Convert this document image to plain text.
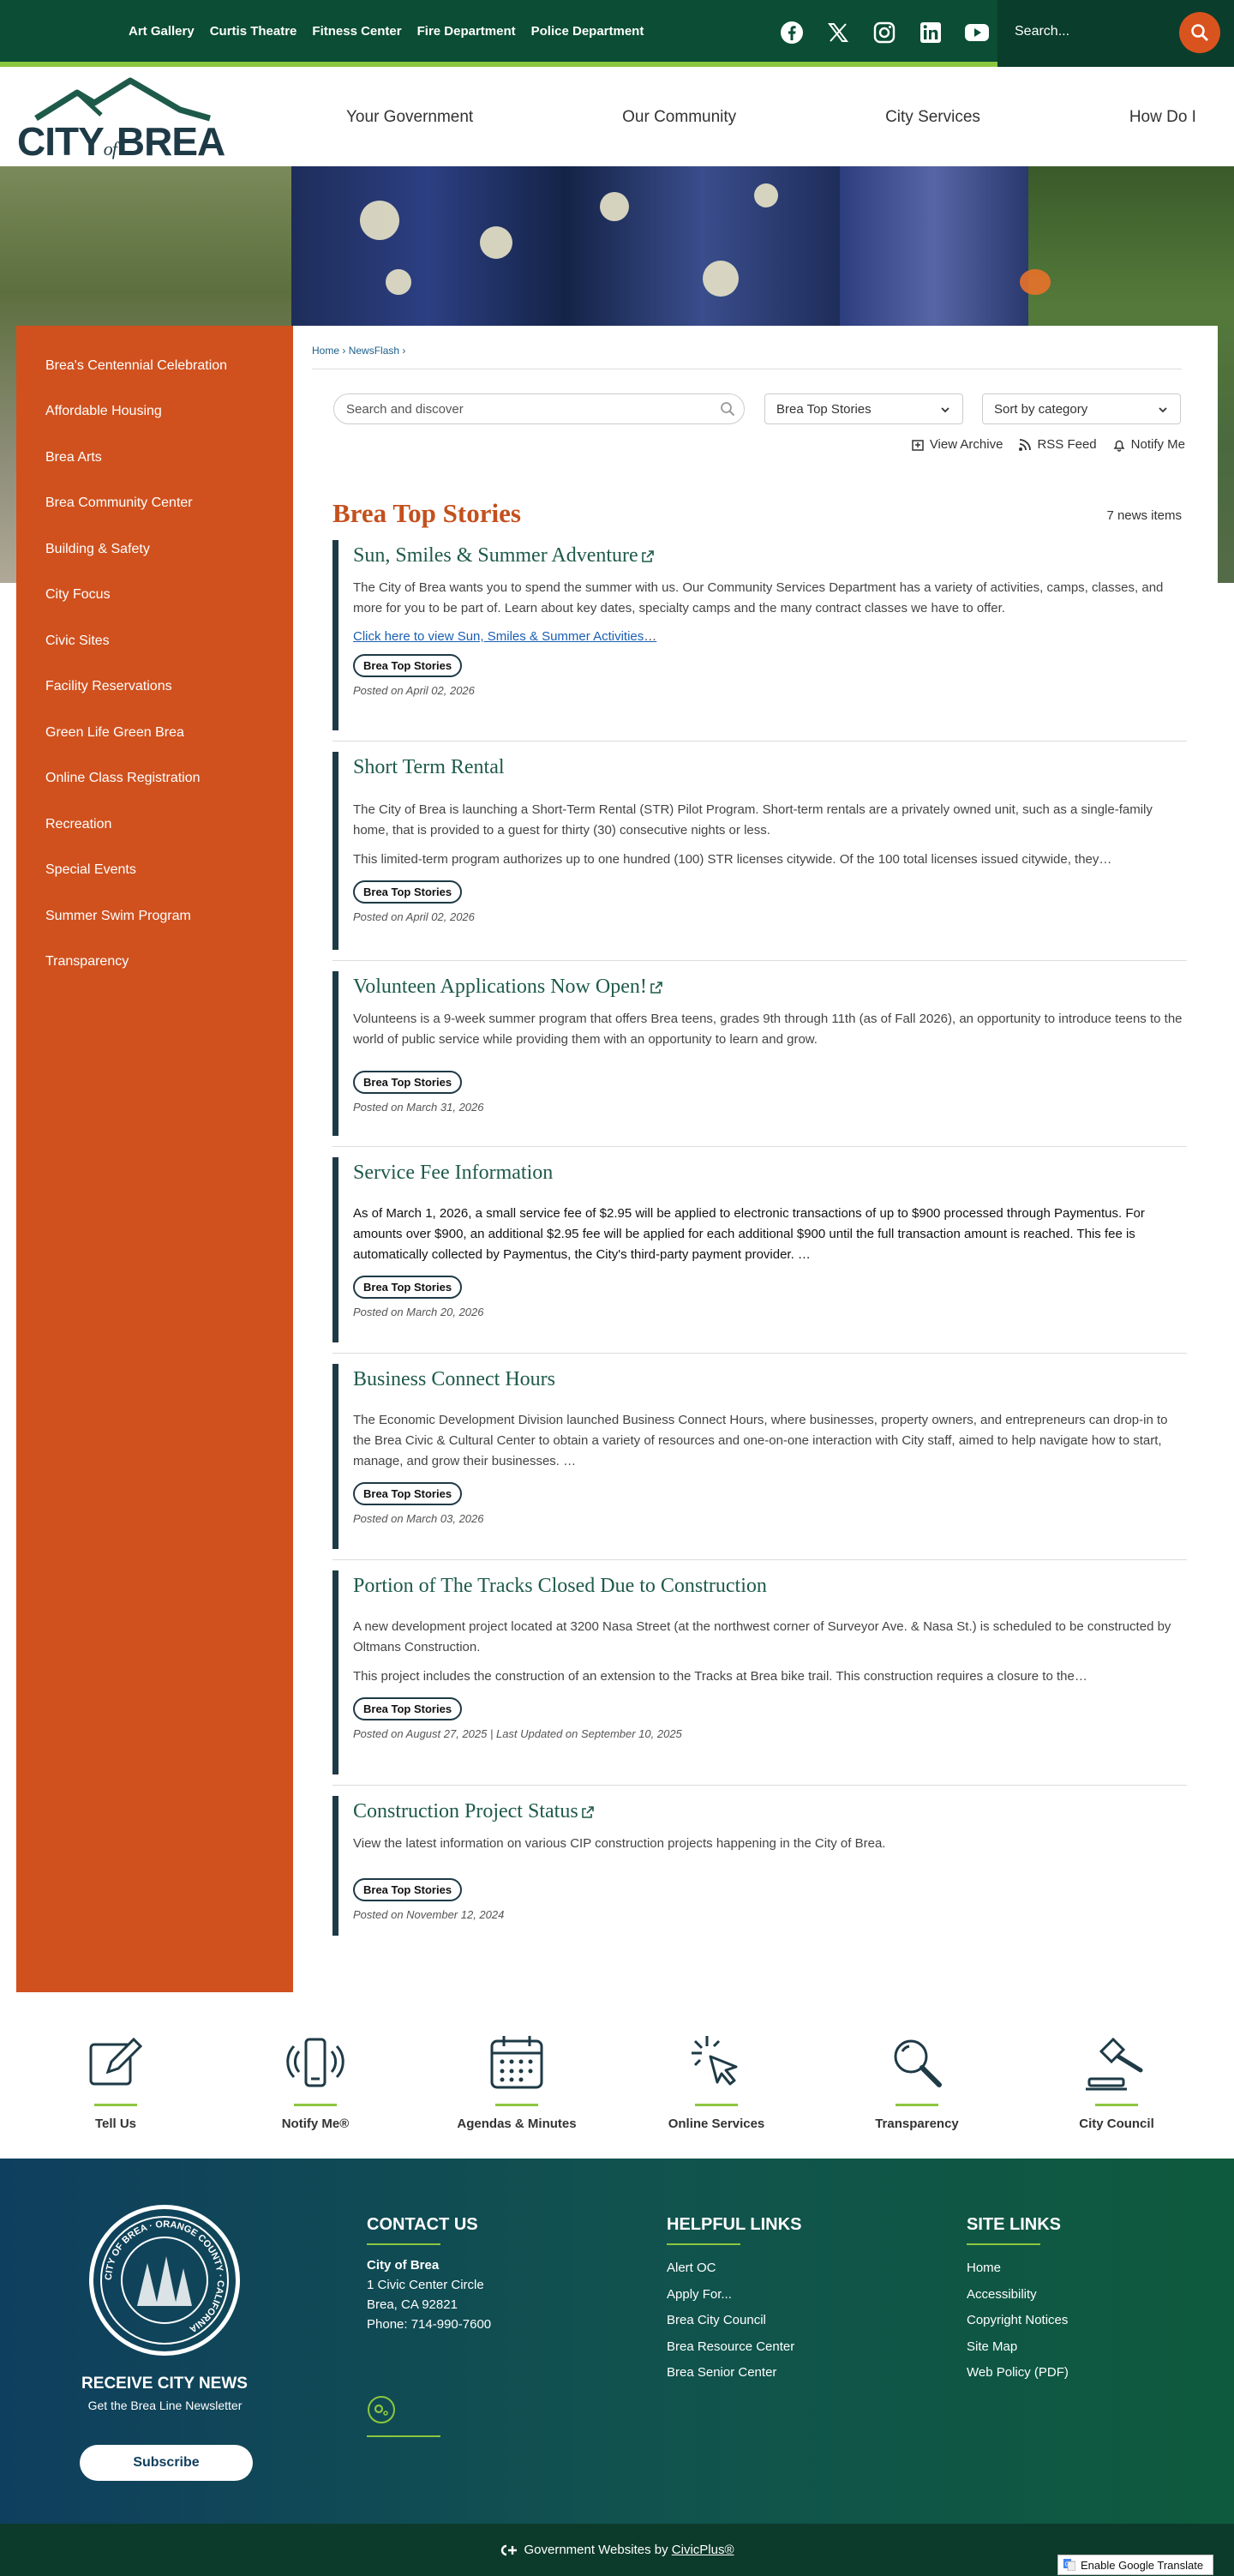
Art Gallery Curtis Theatre Fitness Center Fire Department Police Department	Search...
CITYofBREA
Your Government	Our Community	City Services	How Do I
Brea's Centennial Celebration
Affordable Housing
Brea Arts
Brea Community Center
Building & Safety
City Focus
Civic Sites
Facility Reservations
Green Life Green Brea
Online Class Registration
Recreation
Special Events
Summer Swim Program
Transparency
Home › NewsFlash ›
Search and discover	Brea Top Stories	Sort by category
View Archive	RSS Feed	Notify Me
Brea Top Stories	7 news items
Sun, Smiles & Summer Adventure

The City of Brea wants you to spend the summer with us. Our Community Services Department has a variety of activities, camps, classes, and more for you to be part of. Learn about key dates, specialty camps and the many contract classes we have to offer.

Click here to view Sun, Smiles & Summer Activities…
Brea Top Stories
Posted on April 02, 2026
Short Term Rental

The City of Brea is launching a Short-Term Rental (STR) Pilot Program. Short-term rentals are a privately owned unit, such as a single-family home, that is provided to a guest for thirty (30) consecutive nights or less.

This limited-term program authorizes up to one hundred (100) STR licenses citywide. Of the 100 total licenses issued citywide, they…

Brea Top Stories
Posted on April 02, 2026
Volunteen Applications Now Open!

Volunteens is a 9-week summer program that offers Brea teens, grades 9th through 11th (as of Fall 2026), an opportunity to introduce teens to the world of public service while providing them with an opportunity to learn and grow.

Brea Top Stories
Posted on March 31, 2026
Service Fee Information

As of March 1, 2026, a small service fee of $2.95 will be applied to electronic transactions of up to $900 processed through Paymentus. For amounts over $900, an additional $2.95 fee will be applied for each additional $900 until the full transaction amount is reached. This fee is automatically collected by Paymentus, the City's third-party payment provider. …

Brea Top Stories
Posted on March 20, 2026
Business Connect Hours

The Economic Development Division launched Business Connect Hours, where businesses, property owners, and entrepreneurs can drop-in to the Brea Civic & Cultural Center to obtain a variety of resources and one-on-one interaction with City staff, aimed to help navigate how to start, manage, and grow their businesses. …

Brea Top Stories
Posted on March 03, 2026
Portion of The Tracks Closed Due to Construction

A new development project located at 3200 Nasa Street (at the northwest corner of Surveyor Ave. & Nasa St.) is scheduled to be constructed by Oltmans Construction.

This project includes the construction of an extension to the Tracks at Brea bike trail. This construction requires a closure to the…

Brea Top Stories
Posted on August 27, 2025 | Last Updated on September 10, 2025
Construction Project Status

View the latest information on various CIP construction projects happening in the City of Brea.

Brea Top Stories
Posted on November 12, 2024
Tell Us	Notify Me®	Agendas & Minutes	Online Services	Transparency	City Council
CITY OF BREA · ORANGE COUNTY · CALIFORNIA
RECEIVE CITY NEWS
Get the Brea Line Newsletter
Subscribe
CONTACT US
City of Brea
1 Civic Center Circle
Brea, CA 92821
Phone: 714-990-7600
HELPFUL LINKS
Alert OC
Apply For...
Brea City Council
Brea Resource Center
Brea Senior Center
SITE LINKS
Home
Accessibility
Copyright Notices
Site Map
Web Policy (PDF)
Government Websites by CivicPlus®
G Enable Google Translate
